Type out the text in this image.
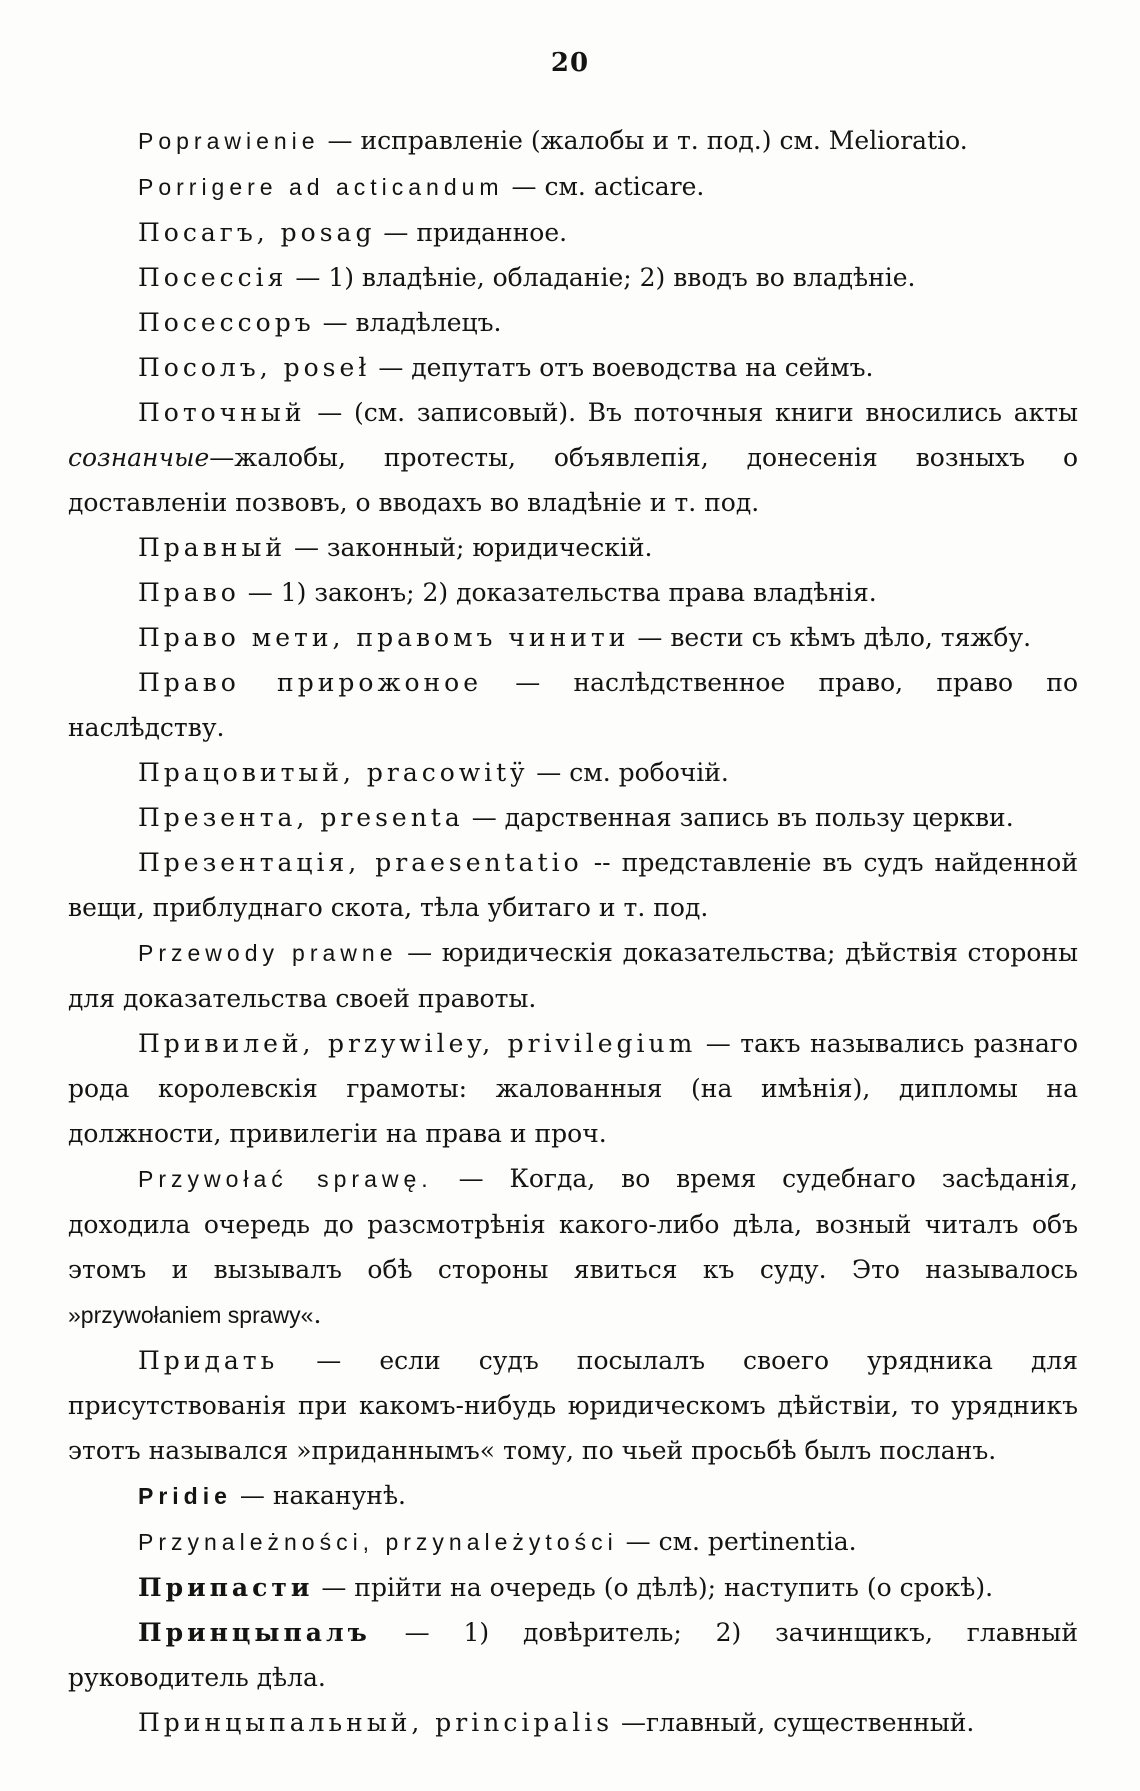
20

Poprawienie — исправленіе (жалобы и т. под.) см. Melioratio.

Porrigere ad acticandum — см. acticare.

Посагъ, posag — приданное.

Посессія — 1) владѣніе, обладаніе; 2) вводъ во владѣніе.

Посессоръ — владѣлецъ.

Посолъ, poseł — депутатъ отъ воеводства на сеймъ.

Поточный — (см. записовый). Въ поточныя книги вносились акты сознанчые—жалобы, протесты, объявлепія, донесенія возныхъ о доставленіи позвовъ, о вводахъ во владѣніе и т. под.

Правный — законный; юридическій.

Право — 1) законъ; 2) доказательства права владѣнія.

Право мети, правомъ чинити — вести съ кѣмъ дѣло, тяжбу.

Право прирожоное — наслѣдственное право, право по наслѣдству.

Працовитый, pracowitÿ — см. робочій.

Презента, presenta — дарственная запись въ пользу церкви.

Презентація, praesentatio -- представленіе въ судъ найденной вещи, приблуднаго скота, тѣла убитаго и т. под.

Przewody prawne — юридическія доказательства; дѣйствія стороны для доказательства своей правоты.

Привилей, przywiley, privilegium — такъ назывались разнаго рода королевскія грамоты: жалованныя (на имѣнія), дипломы на должности, привилегіи на права и проч.

Przywołać sprawę. — Когда, во время судебнаго засѣданія, доходила очередь до разсмотрѣнія какого-либо дѣла, возный читалъ объ этомъ и вызывалъ обѣ стороны явиться къ суду. Это называлось »przywołaniem sprawy«.

Придать — если судъ посылалъ своего урядника для присутствованія при какомъ-нибудь юридическомъ дѣйствіи, то урядникъ этотъ назывался »приданнымъ« тому, по чьей просьбѣ былъ посланъ.

Pridie — наканунѣ.

Przynależności, przynależytości — см. pertinentia.

Припасти — прійти на очередь (о дѣлѣ); наступить (о срокѣ).

Принцыпалъ — 1) довѣритель; 2) зачинщикъ, главный руководитель дѣла.

Принцыпальный, principalis —главный, существенный.
